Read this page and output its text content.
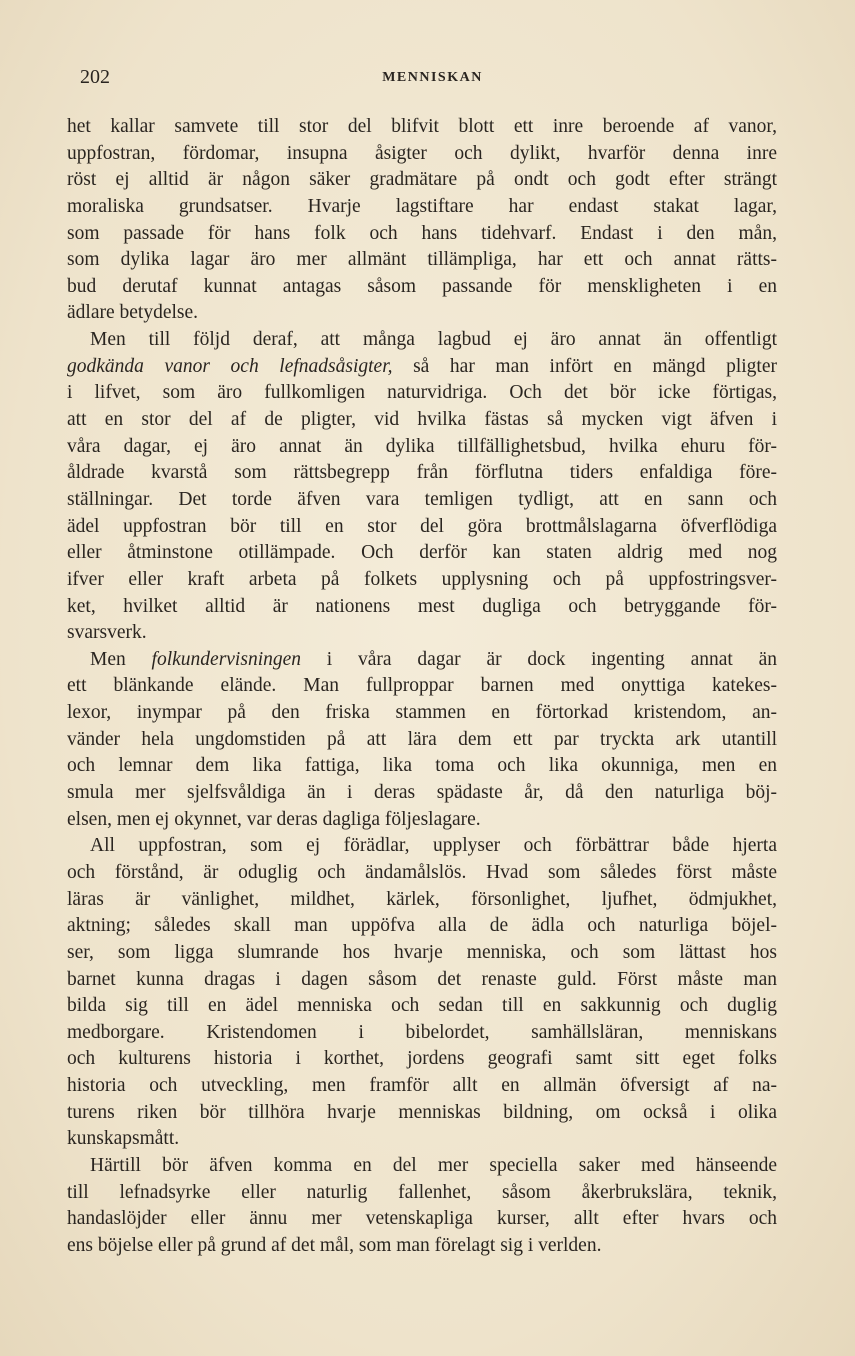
202	MENNISKAN
het kallar samvete till stor del blifvit blott ett inre beroende af vanor,
uppfostran, fördomar, insupna åsigter och dylikt, hvarför denna inre
röst ej alltid är någon säker gradmätare på ondt och godt efter strängt
moraliska grundsatser. Hvarje lagstiftare har endast stakat lagar,
som passade för hans folk och hans tidehvarf. Endast i den mån,
som dylika lagar äro mer allmänt tillämpliga, har ett och annat rätts-
bud derutaf kunnat antagas såsom passande för menskligheten i en
ädlare betydelse.
Men till följd deraf, att många lagbud ej äro annat än offentligt
godkända vanor och lefnadsåsigter, så har man infört en mängd pligter
i lifvet, som äro fullkomligen naturvidriga. Och det bör icke förtigas,
att en stor del af de pligter, vid hvilka fästas så mycken vigt äfven i
våra dagar, ej äro annat än dylika tillfällighetsbud, hvilka ehuru för-
åldrade kvarstå som rättsbegrepp från förflutna tiders enfaldiga före-
ställningar. Det torde äfven vara temligen tydligt, att en sann och
ädel uppfostran bör till en stor del göra brottmålslagarna öfverflödiga
eller åtminstone otillämpade. Och derför kan staten aldrig med nog
ifver eller kraft arbeta på folkets upplysning och på uppfostringsver-
ket, hvilket alltid är nationens mest dugliga och betryggande för-
svarsverk.
Men folkundervisningen i våra dagar är dock ingenting annat än
ett blänkande elände. Man fullproppar barnen med onyttiga katekes-
lexor, inympar på den friska stammen en förtorkad kristendom, an-
vänder hela ungdomstiden på att lära dem ett par tryckta ark utantill
och lemnar dem lika fattiga, lika toma och lika okunniga, men en
smula mer sjelfsvåldiga än i deras spädaste år, då den naturliga böj-
elsen, men ej okynnet, var deras dagliga följeslagare.
All uppfostran, som ej förädlar, upplyser och förbättrar både hjerta
och förstånd, är oduglig och ändamålslös. Hvad som således först måste
läras är vänlighet, mildhet, kärlek, försonlighet, ljufhet, ödmjukhet,
aktning; således skall man uppöfva alla de ädla och naturliga böjel-
ser, som ligga slumrande hos hvarje menniska, och som lättast hos
barnet kunna dragas i dagen såsom det renaste guld. Först måste man
bilda sig till en ädel menniska och sedan till en sakkunnig och duglig
medborgare. Kristendomen i bibelordet, samhällsläran, menniskans
och kulturens historia i korthet, jordens geografi samt sitt eget folks
historia och utveckling, men framför allt en allmän öfversigt af na-
turens riken bör tillhöra hvarje menniskas bildning, om också i olika
kunskapsmått.
Härtill bör äfven komma en del mer speciella saker med hänseende
till lefnadsyrke eller naturlig fallenhet, såsom åkerbrukslära, teknik,
handaslöjder eller ännu mer vetenskapliga kurser, allt efter hvars och
ens böjelse eller på grund af det mål, som man förelagt sig i verlden.
